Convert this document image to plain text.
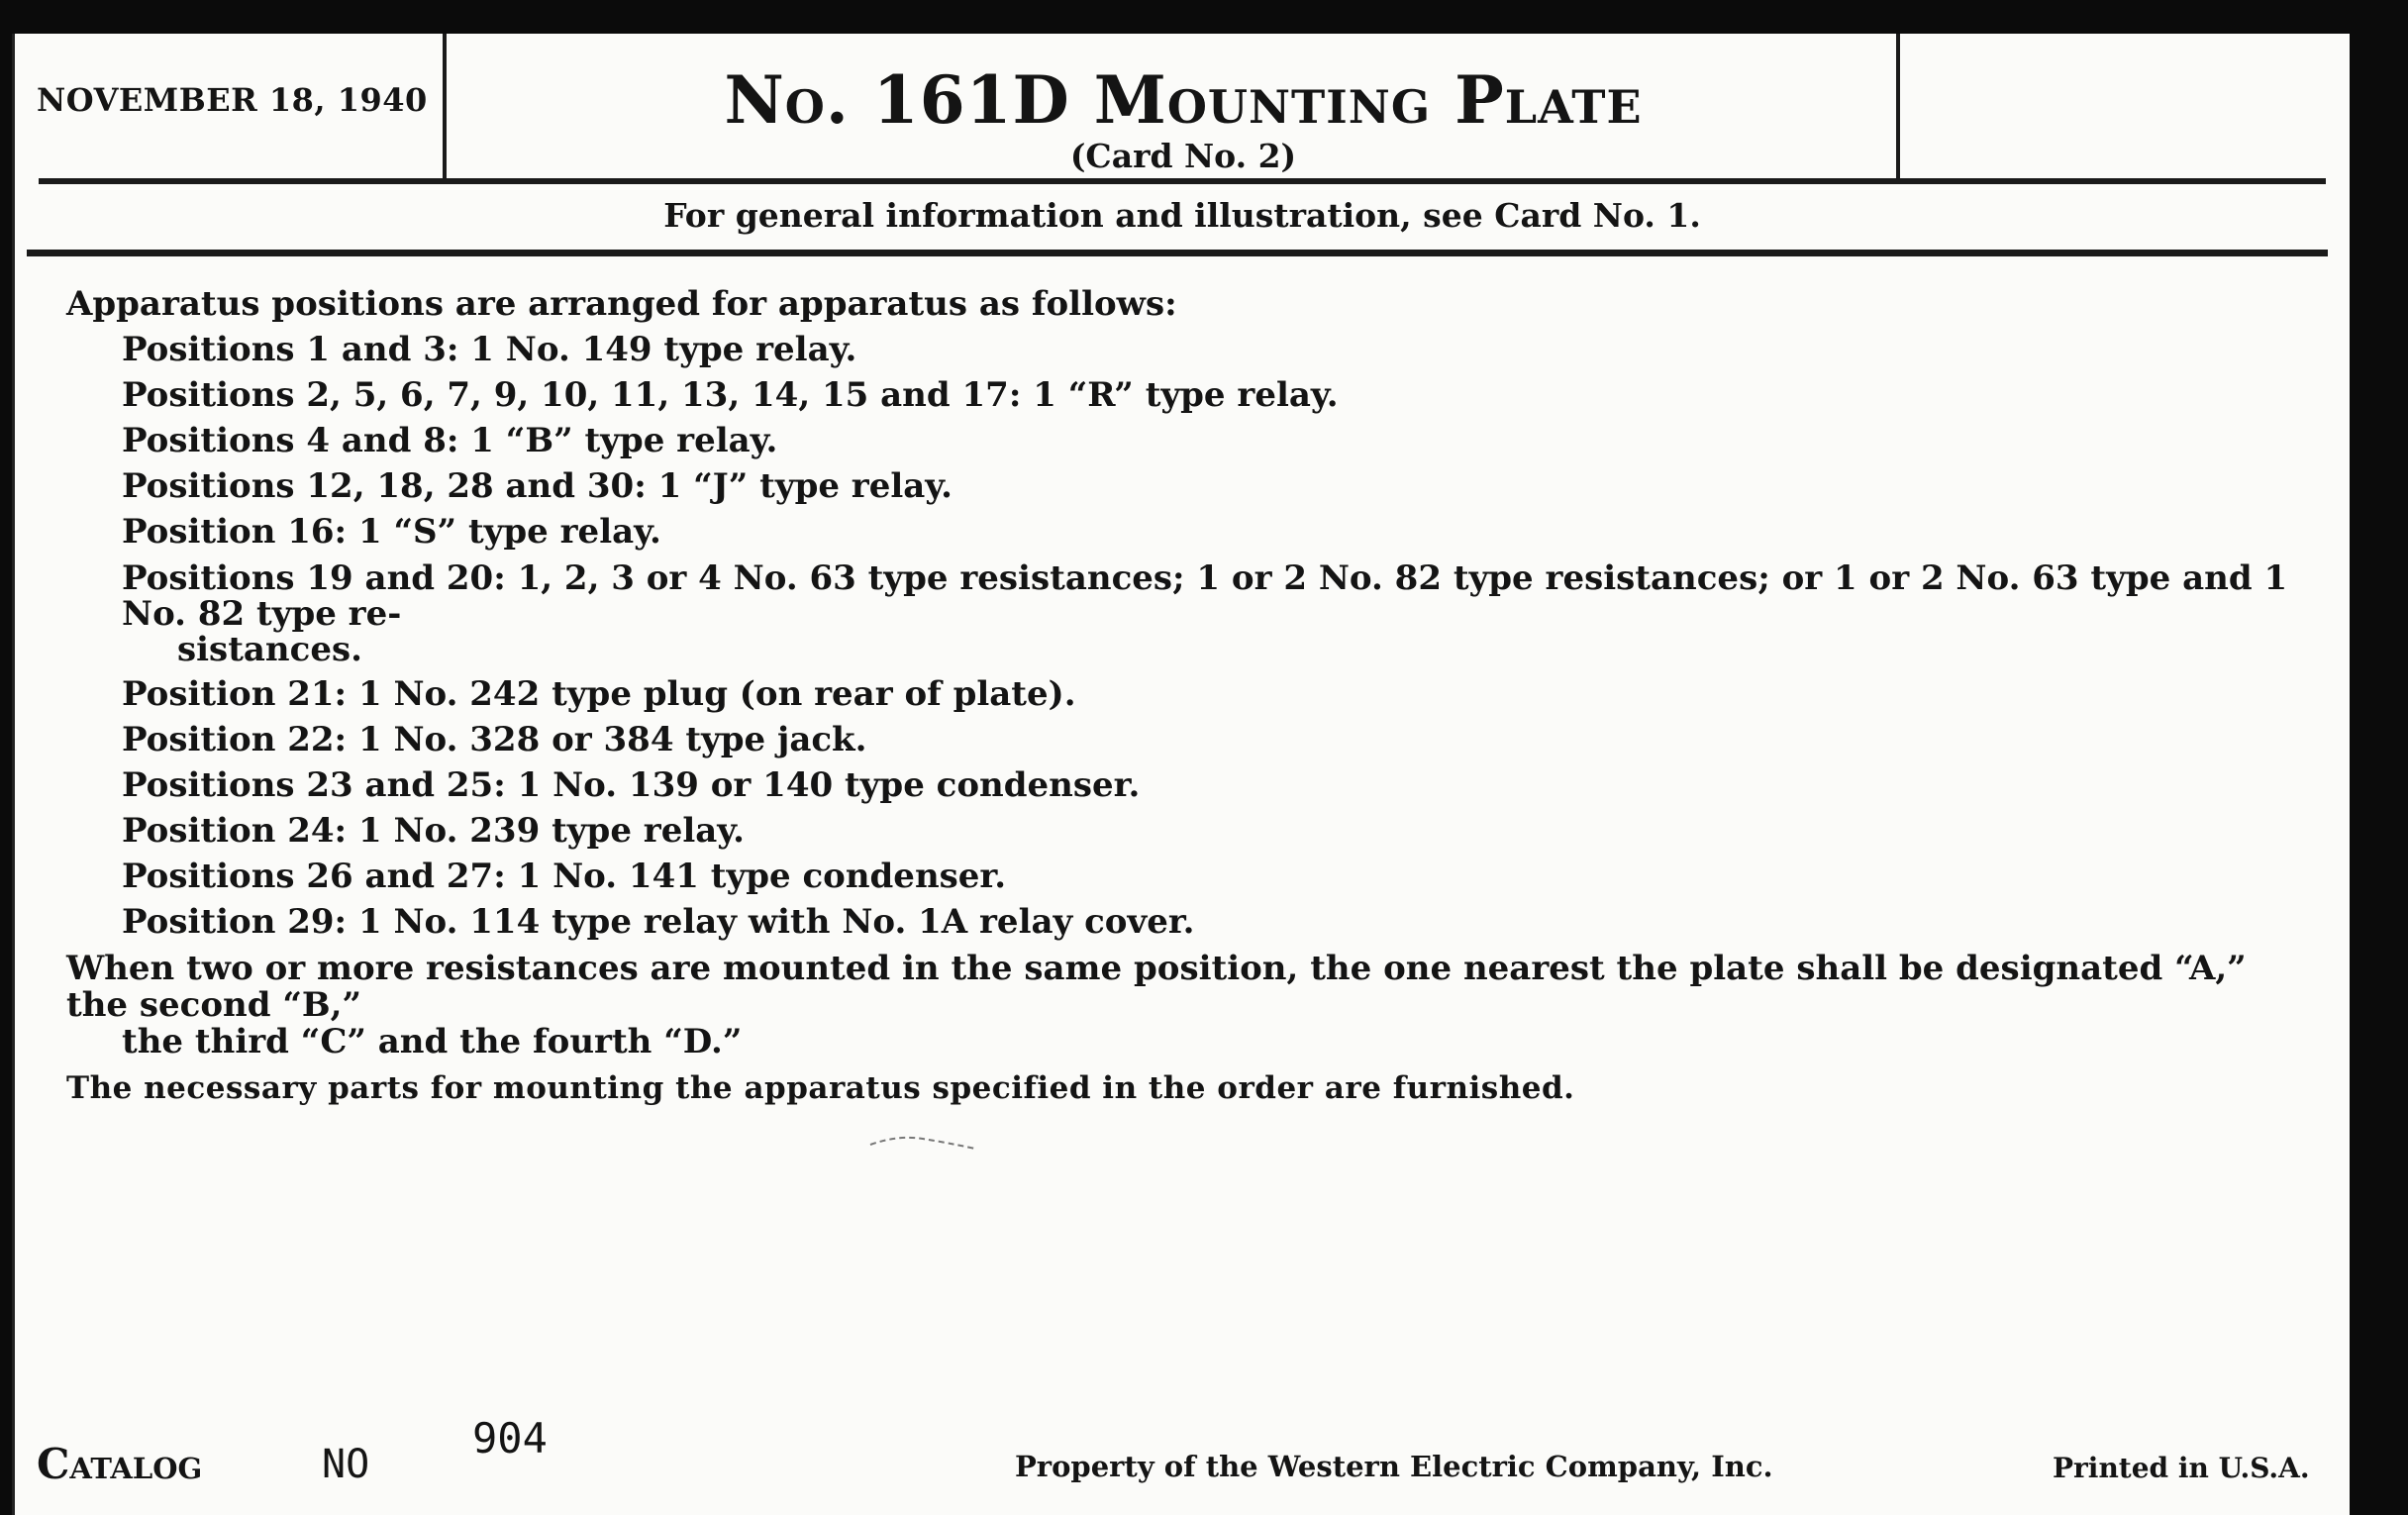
NOVEMBER 18, 1940	No. 161D Mounting Plate
(Card No. 2)
For general information and illustration, see Card No. 1.
Apparatus positions are arranged for apparatus as follows:
Positions 1 and 3: 1 No. 149 type relay.
Positions 2, 5, 6, 7, 9, 10, 11, 13, 14, 15 and 17: 1 “R” type relay.
Positions 4 and 8: 1 “B” type relay.
Positions 12, 18, 28 and 30: 1 “J” type relay.
Position 16: 1 “S” type relay.
Positions 19 and 20: 1, 2, 3 or 4 No. 63 type resistances; 1 or 2 No. 82 type resistances; or 1 or 2 No. 63 type and 1 No. 82 type re-
sistances.
Position 21: 1 No. 242 type plug (on rear of plate).
Position 22: 1 No. 328 or 384 type jack.
Positions 23 and 25: 1 No. 139 or 140 type condenser.
Position 24: 1 No. 239 type relay.
Positions 26 and 27: 1 No. 141 type condenser.
Position 29: 1 No. 114 type relay with No. 1A relay cover.
When two or more resistances are mounted in the same position, the one nearest the plate shall be designated “A,” the second “B,”
the third “C” and the fourth “D.”
The necessary parts for mounting the apparatus specified in the order are furnished.
Catalog	NO
904
Property of the Western Electric Company, Inc.	Printed in U.S.A.
